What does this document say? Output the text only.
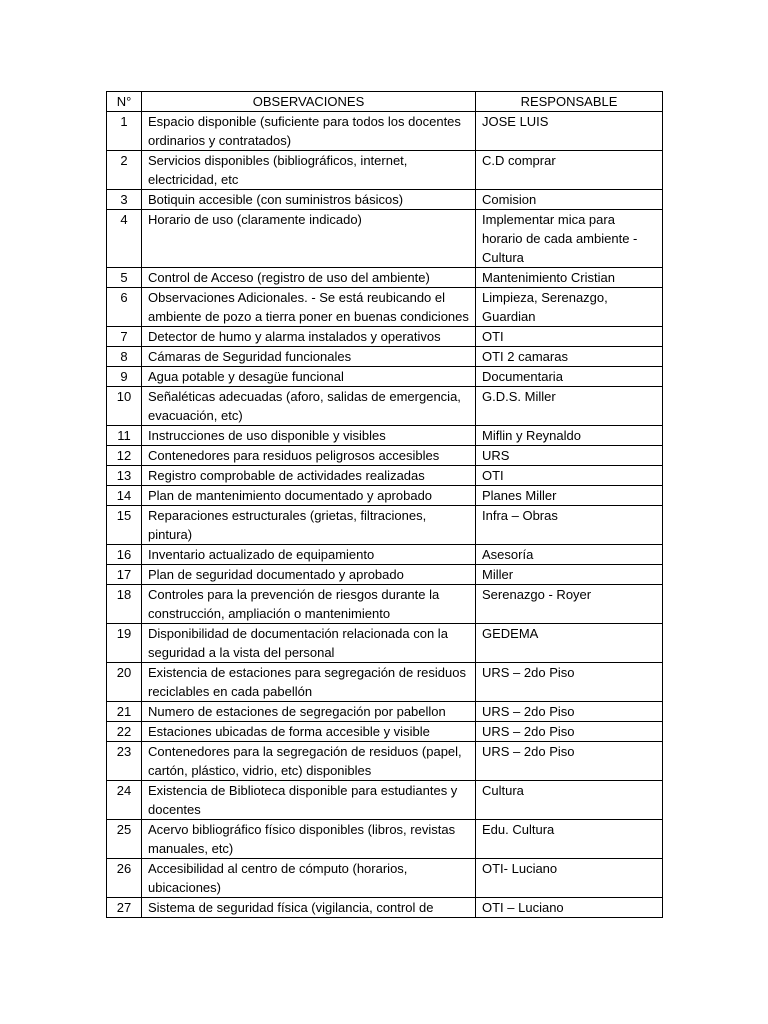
N°	OBSERVACIONES	RESPONSABLE
1	Espacio disponible (suficiente para todos los docentes ordinarios y contratados)	JOSE LUIS
2	Servicios disponibles (bibliográficos, internet, electricidad, etc	C.D comprar
3	Botiquin accesible (con suministros básicos)	Comision
4	Horario de uso (claramente indicado)	Implementar mica para horario de cada ambiente - Cultura
5	Control de Acceso (registro de uso del ambiente)	Mantenimiento Cristian
6	Observaciones Adicionales. - Se está reubicando el ambiente de pozo a tierra poner en buenas condiciones	Limpieza, Serenazgo, Guardian
7	Detector de humo y alarma instalados y operativos	OTI
8	Cámaras de Seguridad funcionales	OTI 2 camaras
9	Agua potable y desagüe funcional	Documentaria
10	Señaléticas adecuadas (aforo, salidas de emergencia, evacuación, etc)	G.D.S. Miller
11	Instrucciones de uso disponible y visibles	Miflin y Reynaldo
12	Contenedores para residuos peligrosos accesibles	URS
13	Registro comprobable de actividades realizadas	OTI
14	Plan de mantenimiento documentado y aprobado	Planes Miller
15	Reparaciones estructurales (grietas, filtraciones, pintura)	Infra – Obras
16	Inventario actualizado de equipamiento	Asesoría
17	Plan de seguridad documentado y aprobado	Miller
18	Controles para la prevención de riesgos durante la construcción, ampliación o mantenimiento	Serenazgo - Royer
19	Disponibilidad de documentación relacionada con la seguridad a la vista del personal	GEDEMA
20	Existencia de estaciones para segregación de residuos reciclables en cada pabellón	URS – 2do Piso
21	Numero de estaciones de segregación por pabellon	URS – 2do Piso
22	Estaciones ubicadas de forma accesible y visible	URS – 2do Piso
23	Contenedores para la segregación de residuos (papel, cartón, plástico, vidrio, etc) disponibles	URS – 2do Piso
24	Existencia de Biblioteca disponible para estudiantes y docentes	Cultura
25	Acervo bibliográfico físico disponibles (libros, revistas manuales, etc)	Edu. Cultura
26	Accesibilidad al centro de cómputo (horarios, ubicaciones)	OTI- Luciano
27	Sistema de seguridad física (vigilancia, control de	OTI – Luciano
